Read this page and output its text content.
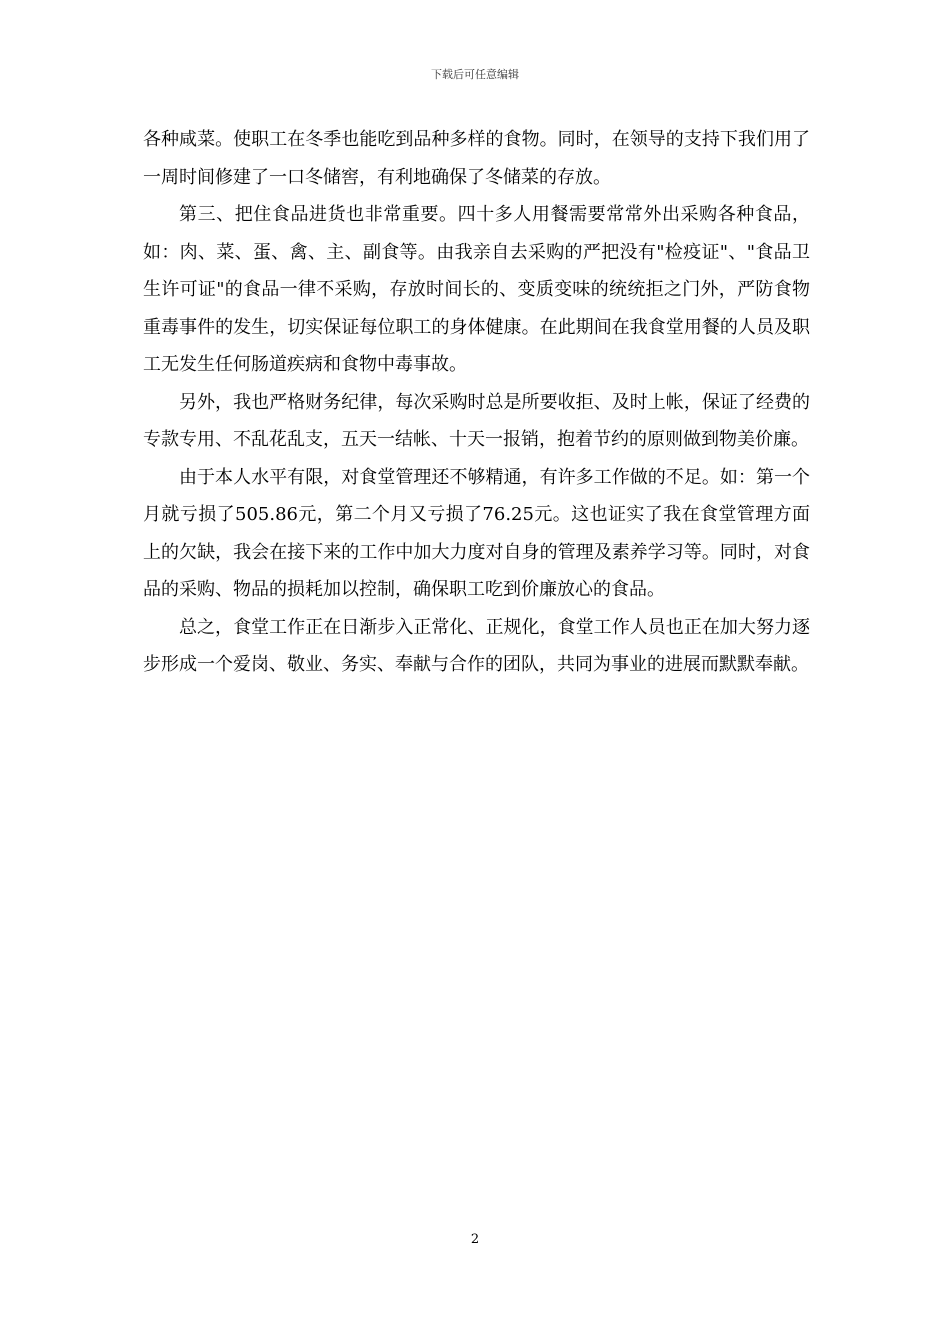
下载后可任意编辑

各种咸菜。使职工在冬季也能吃到品种多样的食物。同时，在领导的支持下我们用了一周时间修建了一口冬储窖，有利地确保了冬储菜的存放。

第三、把住食品进货也非常重要。四十多人用餐需要常常外出采购各种食品，如：肉、菜、蛋、禽、主、副食等。由我亲自去采购的严把没有"检疫证"、"食品卫生许可证"的食品一律不采购，存放时间长的、变质变味的统统拒之门外，严防食物重毒事件的发生，切实保证每位职工的身体健康。在此期间在我食堂用餐的人员及职工无发生任何肠道疾病和食物中毒事故。

另外，我也严格财务纪律，每次采购时总是所要收拒、及时上帐，保证了经费的专款专用、不乱花乱支，五天一结帐、十天一报销，抱着节约的原则做到物美价廉。

由于本人水平有限，对食堂管理还不够精通，有许多工作做的不足。如：第一个月就亏损了505.86元，第二个月又亏损了76.25元。这也证实了我在食堂管理方面上的欠缺，我会在接下来的工作中加大力度对自身的管理及素养学习等。同时，对食品的采购、物品的损耗加以控制，确保职工吃到价廉放心的食品。

总之，食堂工作正在日渐步入正常化、正规化，食堂工作人员也正在加大努力逐步形成一个爱岗、敬业、务实、奉献与合作的团队，共同为事业的进展而默默奉献。

2
